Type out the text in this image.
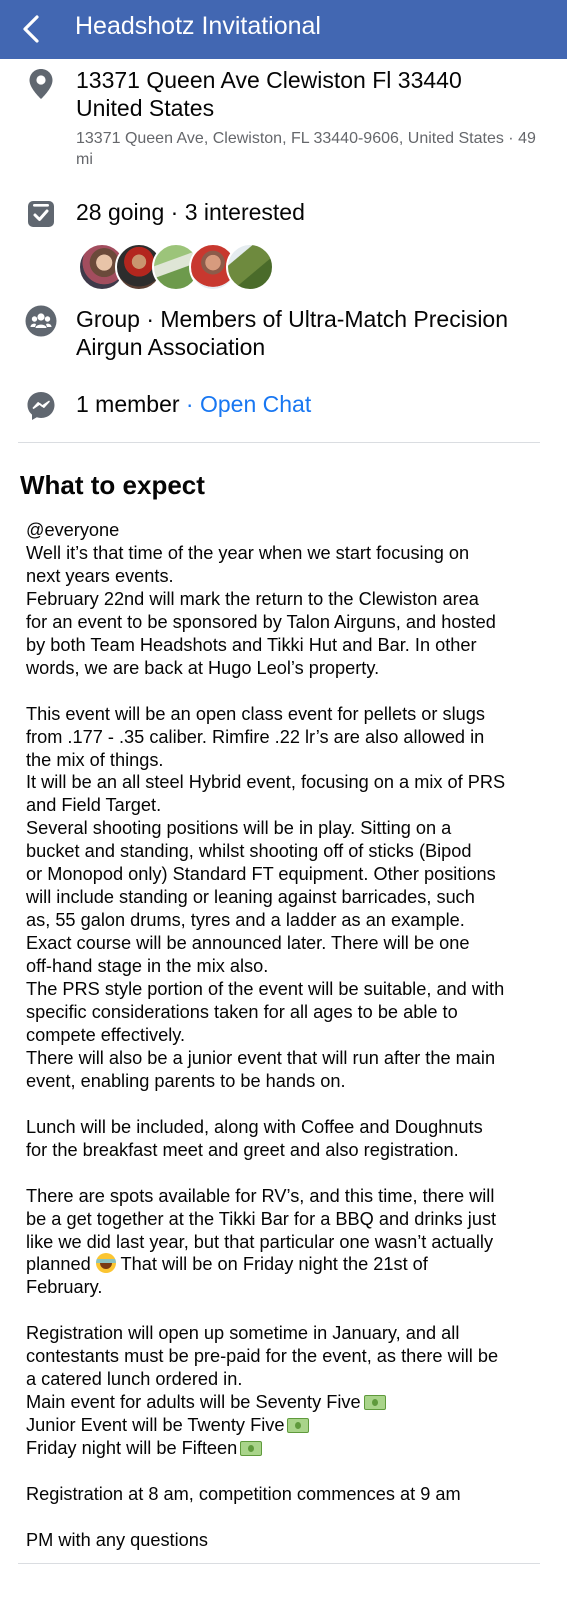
Headshotz Invitational
13371 Queen Ave Clewiston Fl 33440
United States
13371 Queen Ave, Clewiston, FL 33440-9606, United States · 49 mi
28 going · 3 interested
Group · Members of Ultra-Match Precision
Airgun Association
1 member · Open Chat
What to expect

@everyone

Well it’s that time of the year when we start focusing on

next years events.

February 22nd will mark the return to the Clewiston area

for an event to be sponsored by Talon Airguns, and hosted

by both Team Headshots and Tikki Hut and Bar. In other

words, we are back at Hugo Leol’s property.

This event will be an open class event for pellets or slugs

from .177 - .35 caliber. Rimfire .22 lr’s are also allowed in

the mix of things.

It will be an all steel Hybrid event, focusing on a mix of PRS

and Field Target.

Several shooting positions will be in play. Sitting on a

bucket and standing, whilst shooting off of sticks (Bipod

or Monopod only) Standard FT equipment. Other positions

will include standing or leaning against barricades, such

as, 55 galon drums, tyres and a ladder as an example.

Exact course will be announced later. There will be one

off-hand stage in the mix also.

The PRS style portion of the event will be suitable, and with

specific considerations taken for all ages to be able to

compete effectively.

There will also be a junior event that will run after the main

event, enabling parents to be hands on.

Lunch will be included, along with Coffee and Doughnuts

for the breakfast meet and greet and also registration.

There are spots available for RV’s, and this time, there will

be a get together at the Tikki Bar for a BBQ and drinks just

like we did last year, but that particular one wasn’t actually

planned  That will be on Friday night the 21st of

February.

Registration will open up sometime in January, and all

contestants must be pre-paid for the event, as there will be

a catered lunch ordered in.

Main event for adults will be Seventy Five

Junior Event will be Twenty Five

Friday night will be Fifteen

Registration at 8 am, competition commences at 9 am

PM with any questions
